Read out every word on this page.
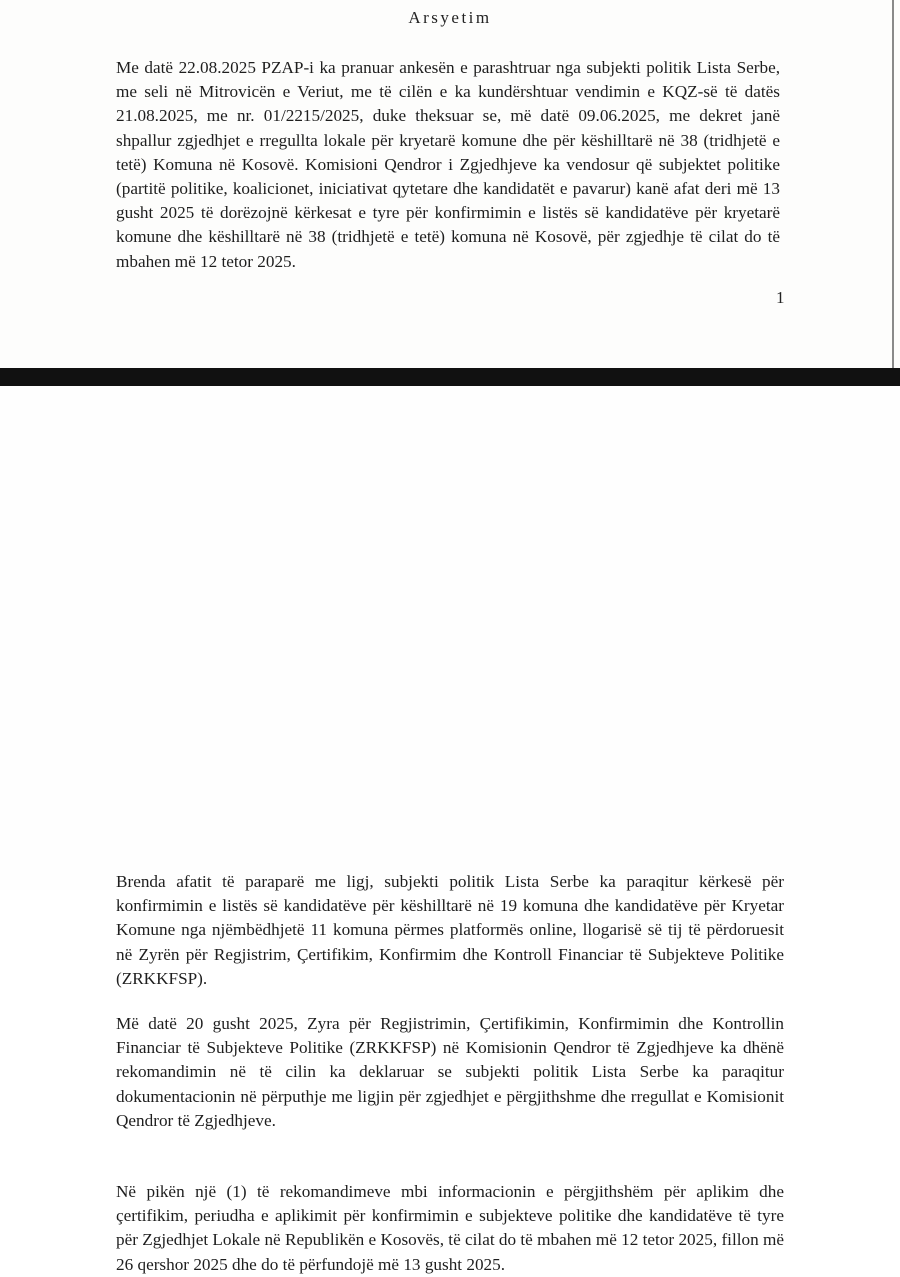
Arsyetim

Me datë 22.08.2025 PZAP-i ka pranuar ankesën e parashtruar nga subjekti politik Lista Serbe, me seli në Mitrovicën e Veriut, me të cilën e ka kundërshtuar vendimin e KQZ-së të datës 21.08.2025, me nr. 01/2215/2025, duke theksuar se, më datë 09.06.2025, me dekret janë shpallur zgjedhjet e rregullta lokale për kryetarë komune dhe për këshilltarë në 38 (tridhjetë e tetë) Komuna në Kosovë. Komisioni Qendror i Zgjedhjeve ka vendosur që subjektet politike (partitë politike, koalicionet, iniciativat qytetare dhe kandidatët e pavarur) kanë afat deri më 13 gusht 2025 të dorëzojnë kërkesat e tyre për konfirmimin e listës së kandidatëve për kryetarë komune dhe këshilltarë në 38 (tridhjetë e tetë) komuna në Kosovë, për zgjedhje të cilat do të mbahen më 12 tetor 2025.

1

Brenda afatit të paraparë me ligj, subjekti politik Lista Serbe ka paraqitur kërkesë për konfirmimin e listës së kandidatëve për këshilltarë në 19 komuna dhe kandidatëve për Kryetar Komune nga njëmbëdhjetë 11 komuna përmes platformës online, llogarisë së tij të përdoruesit në Zyrën për Regjistrim, Çertifikim, Konfirmim dhe Kontroll Financiar të Subjekteve Politike (ZRKKFSP).

Më datë 20 gusht 2025, Zyra për Regjistrimin, Çertifikimin, Konfirmimin dhe Kontrollin Financiar të Subjekteve Politike (ZRKKFSP) në Komisionin Qendror të Zgjedhjeve ka dhënë rekomandimin në të cilin ka deklaruar se subjekti politik Lista Serbe ka paraqitur dokumentacionin në përputhje me ligjin për zgjedhjet e përgjithshme dhe rregullat e Komisionit Qendror të Zgjedhjeve.

Në pikën një (1) të rekomandimeve mbi informacionin e përgjithshëm për aplikim dhe çertifikim, periudha e aplikimit për konfirmimin e subjekteve politike dhe kandidatëve të tyre për Zgjedhjet Lokale në Republikën e Kosovës, të cilat do të mbahen më 12 tetor 2025, fillon më 26 qershor 2025 dhe do të përfundojë më 13 gusht 2025.
